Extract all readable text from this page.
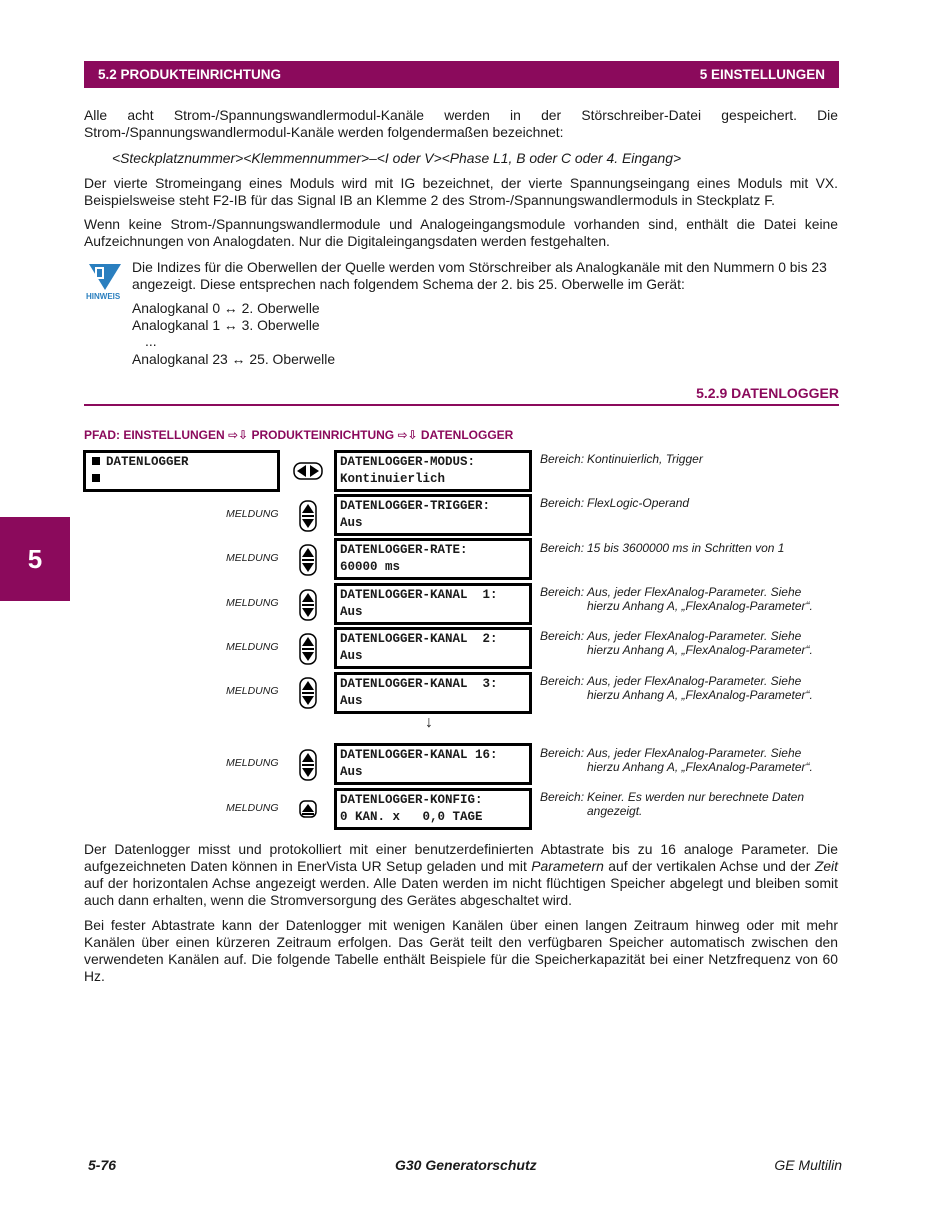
5.2 PRODUKTEINRICHTUNG	5 EINSTELLUNGEN
5

Alle acht Strom-/Spannungswandlermodul-Kanäle werden in der Störschreiber-Datei gespeichert. Die Strom-/Spannungswandlermodul-Kanäle werden folgendermaßen bezeichnet:

<Steckplatznummer><Klemmennummer>–<I oder V><Phase L1, B oder C oder 4. Eingang>

Der vierte Stromeingang eines Moduls wird mit IG bezeichnet, der vierte Spannungseingang eines Moduls mit VX. Beispielsweise steht F2-IB für das Signal IB an Klemme 2 des Strom-/Spannungswandlermoduls in Steckplatz F.

Wenn keine Strom-/Spannungswandlermodule und Analogeingangsmodule vorhanden sind, enthält die Datei keine Aufzeichnungen von Analogdaten. Nur die Digitaleingangsdaten werden festgehalten.

HINWEIS

Die Indizes für die Oberwellen der Quelle werden vom Störschreiber als Analogkanäle mit den Nummern 0 bis 23 angezeigt. Diese entsprechen nach folgendem Schema der 2. bis 25. Oberwelle im Gerät:

Analogkanal 0 ↔ 2. Oberwelle
Analogkanal 1 ↔ 3. Oberwelle
...
Analogkanal 23 ↔ 25. Oberwelle
5.2.9 DATENLOGGER
PFAD: EINSTELLUNGEN ⇨⇩ PRODUKTEINRICHTUNG ⇨⇩ DATENLOGGER
DATENLOGGER	DATENLOGGER-MODUS:
Kontinuierlich
Bereich: Kontinuierlich, Trigger
MELDUNG
DATENLOGGER-TRIGGER:
Aus
Bereich: FlexLogic-Operand
MELDUNG
DATENLOGGER-RATE:
60000 ms
Bereich: 15 bis 3600000 ms in Schritten von 1
MELDUNG
DATENLOGGER-KANAL  1:
Aus
Bereich: Aus, jeder FlexAnalog-Parameter. Siehe hierzu Anhang A, „FlexAnalog-Parameter“.
MELDUNG
DATENLOGGER-KANAL  2:
Aus
Bereich: Aus, jeder FlexAnalog-Parameter. Siehe hierzu Anhang A, „FlexAnalog-Parameter“.
MELDUNG	DATENLOGGER-KANAL  3:
Aus
Bereich: Aus, jeder FlexAnalog-Parameter. Siehe hierzu Anhang A, „FlexAnalog-Parameter“.
↓
MELDUNG
DATENLOGGER-KANAL 16:
Aus
Bereich: Aus, jeder FlexAnalog-Parameter. Siehe hierzu Anhang A, „FlexAnalog-Parameter“.
MELDUNG
DATENLOGGER-KONFIG:
0 KAN. x   0,0 TAGE
Bereich: Keiner. Es werden nur berechnete Daten angezeigt.

Der Datenlogger misst und protokolliert mit einer benutzerdefinierten Abtastrate bis zu 16 analoge Parameter. Die aufgezeichneten Daten können in EnerVista UR Setup geladen und mit Parametern auf der vertikalen Achse und der Zeit auf der horizontalen Achse angezeigt werden. Alle Daten werden im nicht flüchtigen Speicher abgelegt und bleiben somit auch dann erhalten, wenn die Stromversorgung des Gerätes abgeschaltet wird.

Bei fester Abtastrate kann der Datenlogger mit wenigen Kanälen über einen langen Zeitraum hinweg oder mit mehr Kanälen über einen kürzeren Zeitraum erfolgen. Das Gerät teilt den verfügbaren Speicher automatisch zwischen den verwendeten Kanälen auf. Die folgende Tabelle enthält Beispiele für die Speicherkapazität bei einer Netzfrequenz von 60 Hz.

5-76	G30 Generatorschutz	GE Multilin
